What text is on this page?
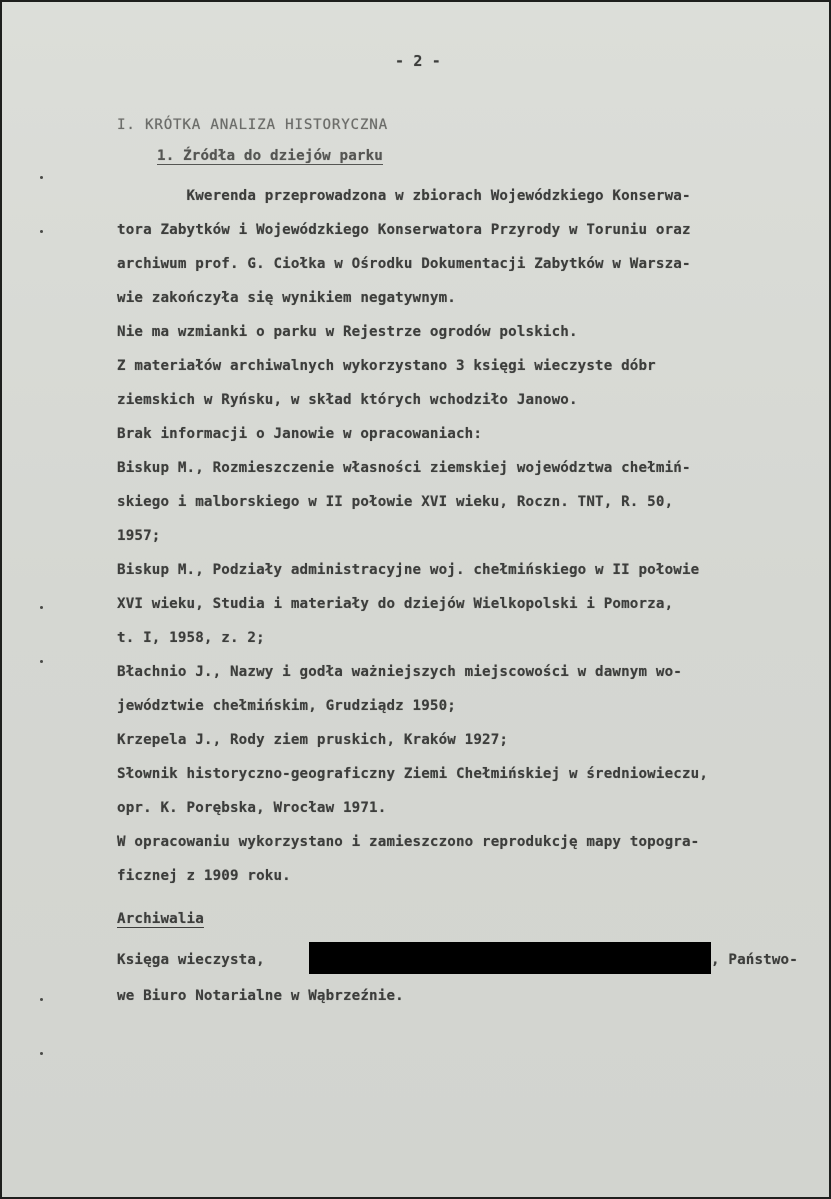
- 2 -
I. KRÓTKA ANALIZA HISTORYCZNA
1. Źródła do dziejów parku
Kwerenda przeprowadzona w zbiorach Wojewódzkiego Konserwa-
tora Zabytków i Wojewódzkiego Konserwatora Przyrody w Toruniu oraz
archiwum prof. G. Ciołka w Ośrodku Dokumentacji Zabytków w Warsza-
wie zakończyła się wynikiem negatywnym.
Nie ma wzmianki o parku w Rejestrze ogrodów polskich.
Z materiałów archiwalnych wykorzystano 3 księgi wieczyste dóbr
ziemskich w Ryńsku, w skład których wchodziło Janowo.
Brak informacji o Janowie w opracowaniach:
Biskup M., Rozmieszczenie własności ziemskiej województwa chełmiń-
skiego i malborskiego w II połowie XVI wieku, Roczn. TNT, R. 50,
1957;
Biskup M., Podziały administracyjne woj. chełmińskiego w II połowie
XVI wieku, Studia i materiały do dziejów Wielkopolski i Pomorza,
t. I, 1958, z. 2;
Błachnio J., Nazwy i godła ważniejszych miejscowości w dawnym wo-
jewództwie chełmińskim, Grudziądz 1950;
Krzepela J., Rody ziem pruskich, Kraków 1927;
Słownik historyczno-geograficzny Ziemi Chełmińskiej w średniowieczu,
opr. K. Porębska, Wrocław 1971.
W opracowaniu wykorzystano i zamieszczono reprodukcję mapy topogra-
ficznej z 1909 roku.
Archiwalia
Księga wieczysta,	, Państwo-
we Biuro Notarialne w Wąbrzeźnie.
